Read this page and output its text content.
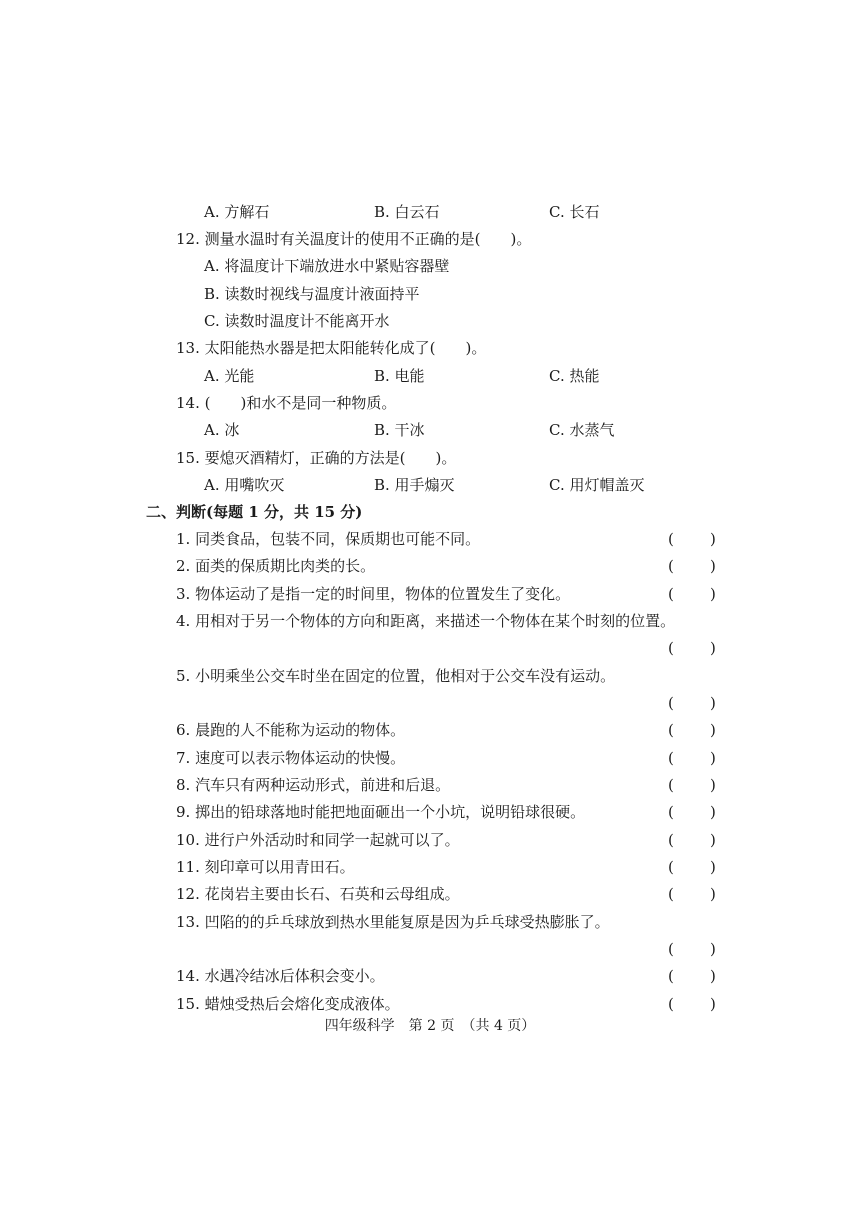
A. 方解石	B. 白云石	C. 长石
12. 测量水温时有关温度计的使用不正确的是(　　)。
A. 将温度计下端放进水中紧贴容器壁
B. 读数时视线与温度计液面持平
C. 读数时温度计不能离开水
13. 太阳能热水器是把太阳能转化成了(　　)。
A. 光能	B. 电能	C. 热能
14. (　　)和水不是同一种物质。
A. 冰	B. 干冰	C. 水蒸气
15. 要熄灭酒精灯，正确的方法是(　　)。
A. 用嘴吹灭	B. 用手煽灭	C. 用灯帽盖灭
二、判断(每题 1 分，共 15 分)
1. 同类食品，包装不同，保质期也可能不同。	( )
2. 面类的保质期比肉类的长。	( )
3. 物体运动了是指一定的时间里，物体的位置发生了变化。	( )
4. 用相对于另一个物体的方向和距离，来描述一个物体在某个时刻的位置。
( )
5. 小明乘坐公交车时坐在固定的位置，他相对于公交车没有运动。
( )
6. 晨跑的人不能称为运动的物体。	( )
7. 速度可以表示物体运动的快慢。	( )
8. 汽车只有两种运动形式，前进和后退。	( )
9. 掷出的铅球落地时能把地面砸出一个小坑，说明铅球很硬。	( )
10. 进行户外活动时和同学一起就可以了。	( )
11. 刻印章可以用青田石。	( )
12. 花岗岩主要由长石、石英和云母组成。	( )
13. 凹陷的的乒乓球放到热水里能复原是因为乒乓球受热膨胀了。
( )
14. 水遇冷结冰后体积会变小。	( )
15. 蜡烛受热后会熔化变成液体。	( )
四年级科学　第 2 页　（共 4 页）
